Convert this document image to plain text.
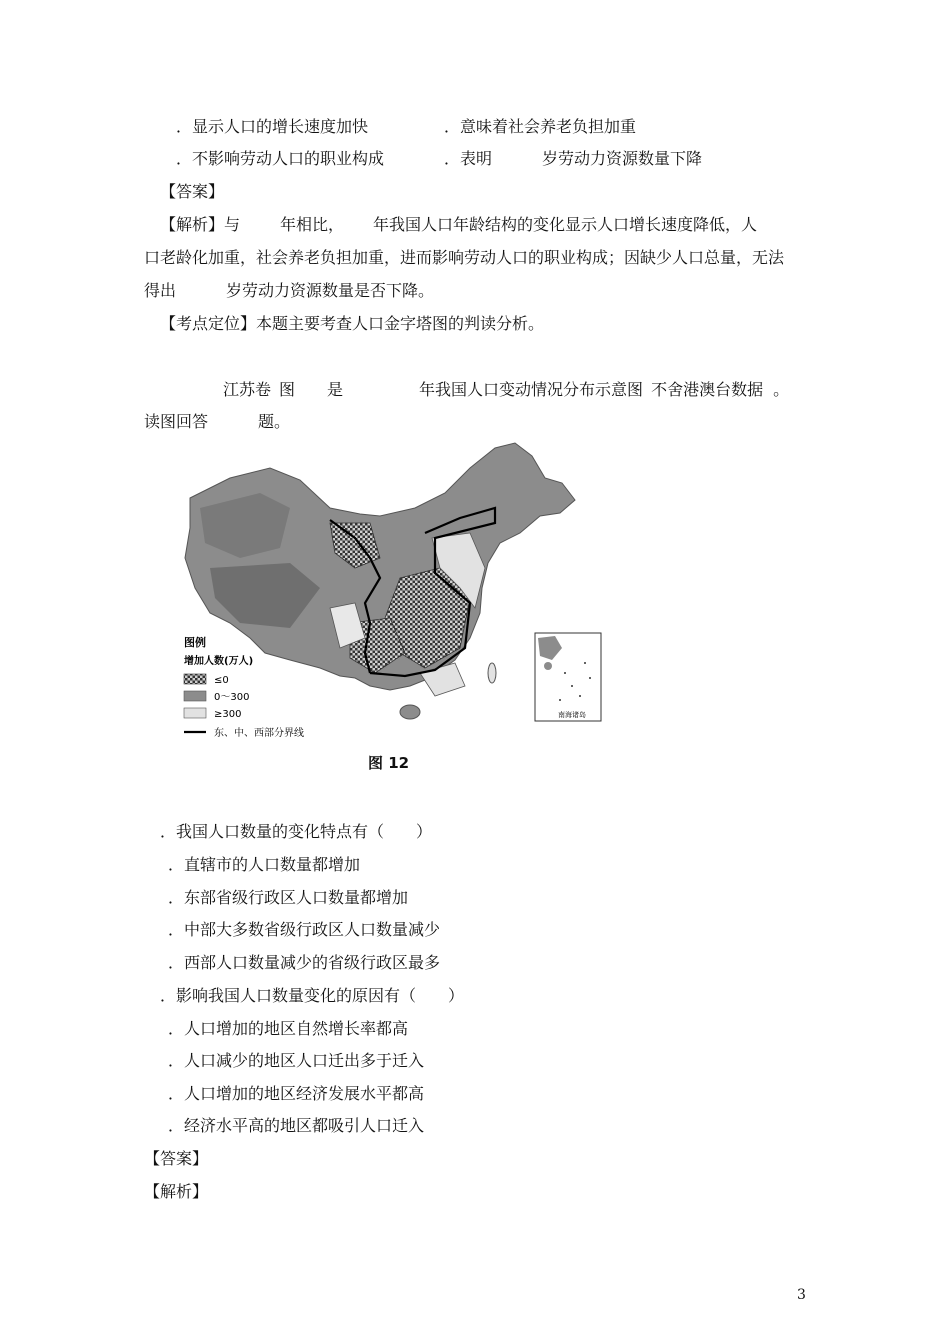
．显示人口的增长速度加快	．意味着社会养老负担加重
．不影响劳动人口的职业构成	．表明	岁劳动力资源数量下降
【答案】
【解析】与	年相比， 年我国人口年龄结构的变化显示人口增长速度降低，人
口老龄化加重，社会养老负担加重，进而影响劳动人口的职业构成；因缺少人口总量，无法
得出	岁劳动力资源数量是否下降。
【考点定位】本题主要考查人口金字塔图的判读分析。
江苏卷 图 是	年我国人口变动情况分布示意图 不舍港澳台数据 。
读图回答	题。
图例
增加人数(万人)
≤0
0～300
≥300
东、中、西部分界线
南海诸岛
图 12
．我国人口数量的变化特点有（　　）
．直辖市的人口数量都增加
．东部省级行政区人口数量都增加
．中部大多数省级行政区人口数量减少
．西部人口数量减少的省级行政区最多
．影响我国人口数量变化的原因有（　　）
．人口增加的地区自然增长率都高
．人口减少的地区人口迁出多于迁入
．人口增加的地区经济发展水平都高
．经济水平高的地区都吸引人口迁入
【答案】
【解析】
3
